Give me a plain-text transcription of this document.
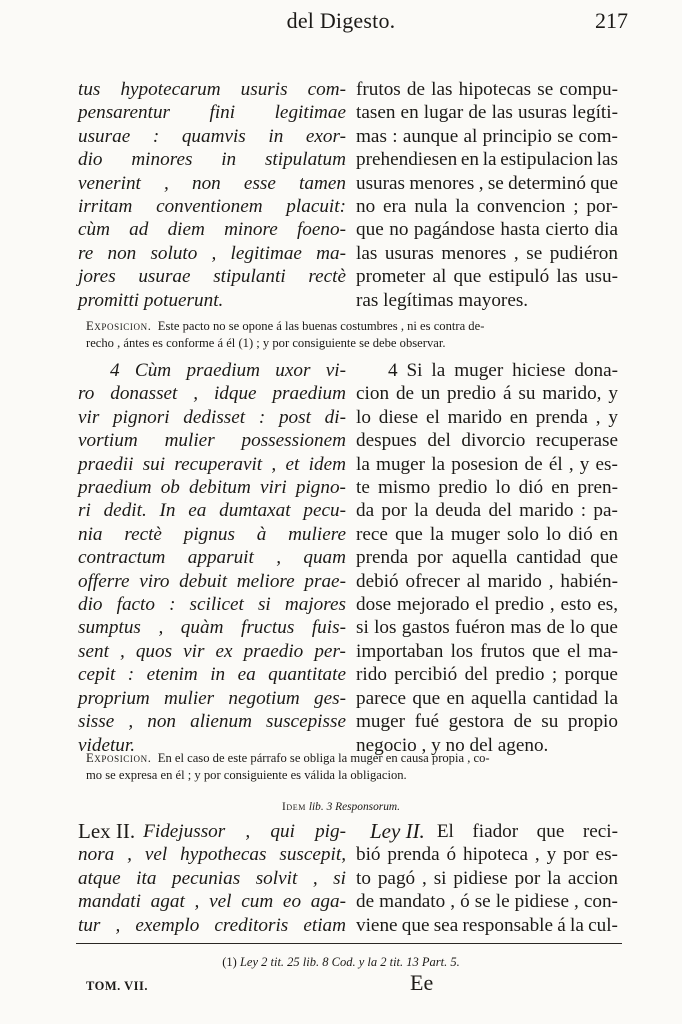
del Digesto.	217
tus hypotecarum usuris com-
pensarentur fini legitimae
usurae : quamvis in exor-
dio minores in stipulatum
venerint , non esse tamen
irritam conventionem placuit:
cùm ad diem minore foeno-
re non soluto , legitimae ma-
jores usurae stipulanti rectè
promitti potuerunt.
frutos de las hipotecas se compu-
tasen en lugar de las usuras legíti-
mas : aunque al principio se com-
prehendiesen en la estipulacion las
usuras menores , se determinó que
no era nula la convencion ; por-
que no pagándose hasta cierto dia
las usuras menores , se pudiéron
prometer al que estipuló las usu-
ras legítimas mayores.
Exposicion. Este pacto no se opone á las buenas costumbres , ni es contra de-
recho , ántes es conforme á él (1) ; y por consiguiente se debe observar.
4 Cùm praedium uxor vi-
ro donasset , idque praedium
vir pignori dedisset : post di-
vortium mulier possessionem
praedii sui recuperavit , et idem
praedium ob debitum viri pigno-
ri dedit. In ea dumtaxat pecu-
nia rectè pignus à muliere
contractum apparuit , quam
offerre viro debuit meliore prae-
dio facto : scilicet si majores
sumptus , quàm fructus fuis-
sent , quos vir ex praedio per-
cepit : etenim in ea quantitate
proprium mulier negotium ges-
sisse , non alienum suscepisse
videtur.
4 Si la muger hiciese dona-
cion de un predio á su marido, y
lo diese el marido en prenda , y
despues del divorcio recuperase
la muger la posesion de él , y es-
te mismo predio lo dió en pren-
da por la deuda del marido : pa-
rece que la muger solo lo dió en
prenda por aquella cantidad que
debió ofrecer al marido , habién-
dose mejorado el predio , esto es,
si los gastos fuéron mas de lo que
importaban los frutos que el ma-
rido percibió del predio ; porque
parece que en aquella cantidad la
muger fué gestora de su propio
negocio , y no del ageno.
Exposicion. En el caso de este párrafo se obliga la muger en causa propia , co-
mo se expresa en él ; y por consiguiente es válida la obligacion.
Idem lib. 3 Responsorum.
Lex II. Fidejussor , qui pig-
nora , vel hypothecas suscepit,
atque ita pecunias solvit , si
mandati agat , vel cum eo aga-
tur , exemplo creditoris etiam
Ley II. El fiador que reci-
bió prenda ó hipoteca , y por es-
to pagó , si pidiese por la accion
de mandato , ó se le pidiese , con-
viene que sea responsable á la cul-
(1) Ley 2 tit. 25 lib. 8 Cod. y la 2 tit. 13 Part. 5.
TOM. VII.	Ee
